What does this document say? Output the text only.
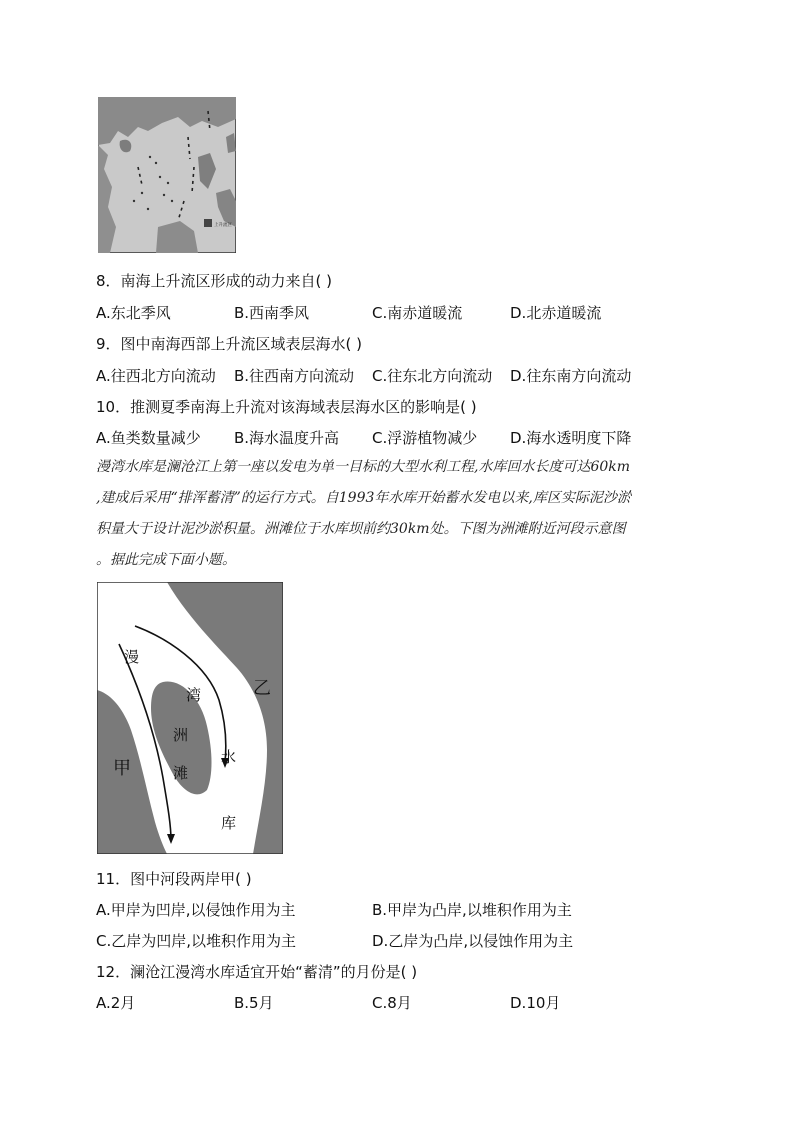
上升流区
8．南海上升流区形成的动力来自( )
A.东北季风	B.西南季风	C.南赤道暖流	D.北赤道暖流
9．图中南海西部上升流区域表层海水( )
A.往西北方向流动 B.往西南方向流动 C.往东北方向流动 D.往东南方向流动
10．推测夏季南海上升流对该海域表层海水区的影响是( )
A.鱼类数量减少 B.海水温度升高 C.浮游植物减少 D.海水透明度下降
漫湾水库是澜沧江上第一座以发电为单一目标的大型水利工程,水库回水长度可达60km
,建成后采用“排浑蓄清”的运行方式。自1993年水库开始蓄水发电以来,库区实际泥沙淤
积量大于设计泥沙淤积量。洲滩位于水库坝前约30km处。下图为洲滩附近河段示意图
。据此完成下面小题。
漫
湾
洲
滩
水
库
甲
乙
11．图中河段两岸甲( )
A.甲岸为凹岸,以侵蚀作用为主	B.甲岸为凸岸,以堆积作用为主
C.乙岸为凹岸,以堆积作用为主	D.乙岸为凸岸,以侵蚀作用为主
12．澜沧江漫湾水库适宜开始“蓄清”的月份是( )
A.2月	B.5月	C.8月	D.10月
